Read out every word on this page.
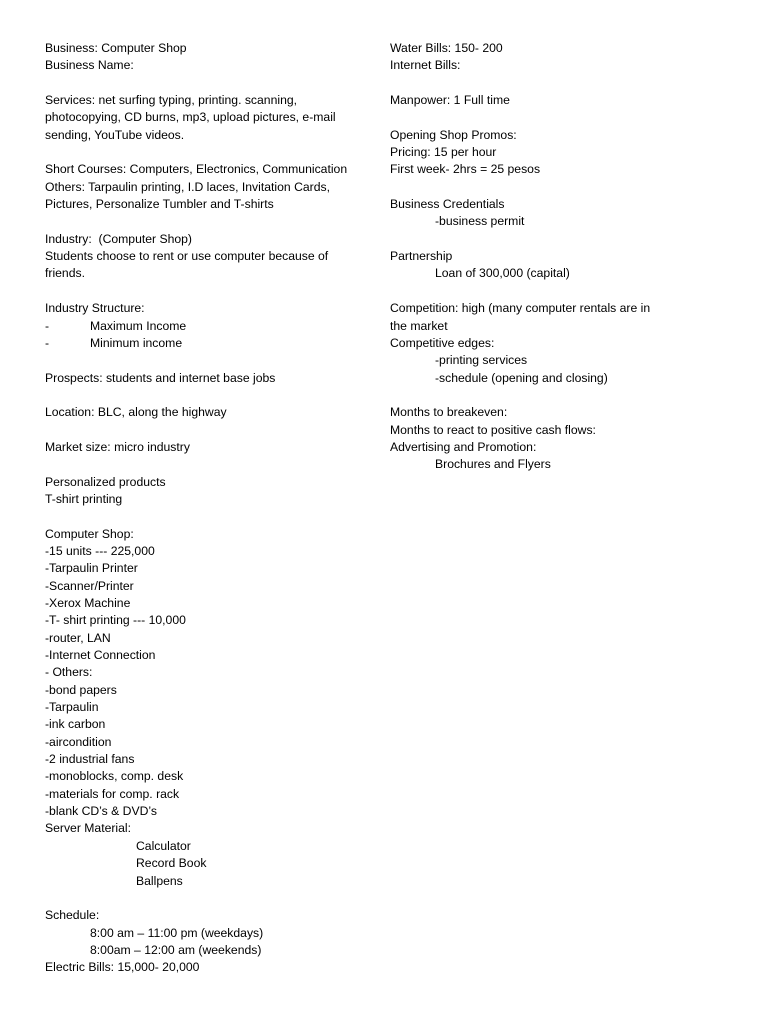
Business: Computer Shop
Business Name:
Services: net surfing typing, printing. scanning,
photocopying, CD burns, mp3, upload pictures, e-mail
sending, YouTube videos.
Short Courses: Computers, Electronics, Communication
Others: Tarpaulin printing, I.D laces, Invitation Cards,
Pictures, Personalize Tumbler and T-shirts
Industry:  (Computer Shop)
Students choose to rent or use computer because of
friends.
Industry Structure:
-	Maximum Income
-	Minimum income
Prospects: students and internet base jobs
Location: BLC, along the highway
Market size: micro industry
Personalized products
T-shirt printing
Computer Shop:
-15 units --- 225,000
-Tarpaulin Printer
-Scanner/Printer
-Xerox Machine
-T- shirt printing --- 10,000
-router, LAN
-Internet Connection
- Others:
-bond papers
-Tarpaulin
-ink carbon
-aircondition
-2 industrial fans
-monoblocks, comp. desk
-materials for comp. rack
-blank CD’s & DVD’s
Server Material:
Calculator
Record Book
Ballpens
Schedule:
8:00 am – 11:00 pm (weekdays)
8:00am – 12:00 am (weekends)
Electric Bills: 15,000- 20,000
Water Bills: 150- 200
Internet Bills:
Manpower: 1 Full time
Opening Shop Promos:
Pricing: 15 per hour
First week- 2hrs = 25 pesos
Business Credentials
-business permit
Partnership
Loan of 300,000 (capital)
Competition: high (many computer rentals are in
the market
Competitive edges:
-printing services
-schedule (opening and closing)
Months to breakeven:
Months to react to positive cash flows:
Advertising and Promotion:
Brochures and Flyers
